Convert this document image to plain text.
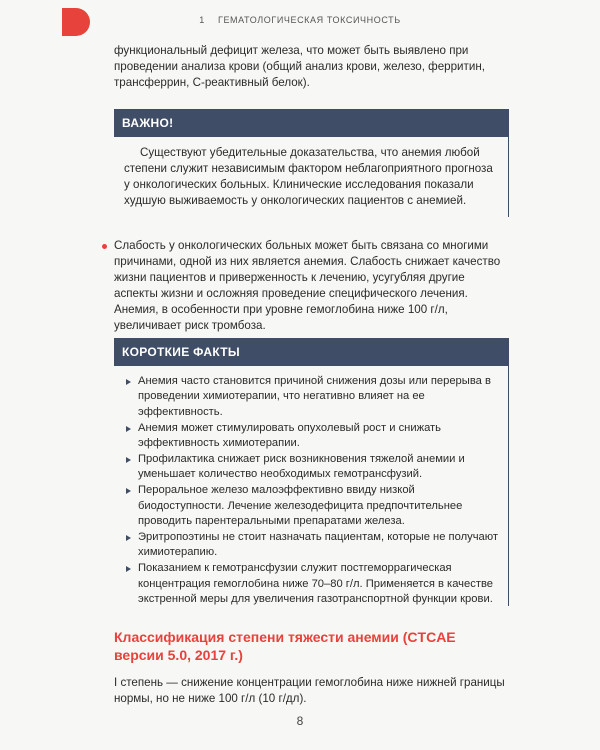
1 ГЕМАТОЛОГИЧЕСКАЯ ТОКСИЧНОСТЬ
функциональный дефицит железа, что может быть выявлено при проведении анализа крови (общий анализ крови, железо, ферритин, трансферрин, С-реактивный белок).
ВАЖНО!

Существуют убедительные доказательства, что анемия любой степени служит независимым фактором неблагоприятного прогноза у онкологических больных. Клинические исследования показали худшую выживаемость у онкологических пациентов с анемией.

Слабость у онкологических больных может быть связана со многими причинами, одной из них является анемия. Слабость снижает качество жизни пациентов и приверженность к лечению, усугубляя другие аспекты жизни и осложняя проведение специфического лечения. Анемия, в особенности при уровне гемоглобина ниже 100 г/л, увеличивает риск тромбоза.
КОРОТКИЕ ФАКТЫ
Анемия часто становится причиной снижения дозы или перерыва в проведении химиотерапии, что негативно влияет на ее эффективность.
Анемия может стимулировать опухолевый рост и снижать эффективность химиотерапии.
Профилактика снижает риск возникновения тяжелой анемии и уменьшает количество необходимых гемотрансфузий.
Пероральное железо малоэффективно ввиду низкой биодоступности. Лечение железодефицита предпочтительнее проводить парентеральными препаратами железа.
Эритропоэтины не стоит назначать пациентам, которые не получают химиотерапию.
Показанием к гемотрансфузии служит постгеморрагическая концентрация гемоглобина ниже 70–80 г/л. Применяется в качестве экстренной меры для увеличения газотранспортной функции крови.
Классификация степени тяжести анемии (CTCAE версии 5.0, 2017 г.)
I степень — снижение концентрации гемоглобина ниже нижней границы нормы, но не ниже 100 г/л (10 г/дл).
8
